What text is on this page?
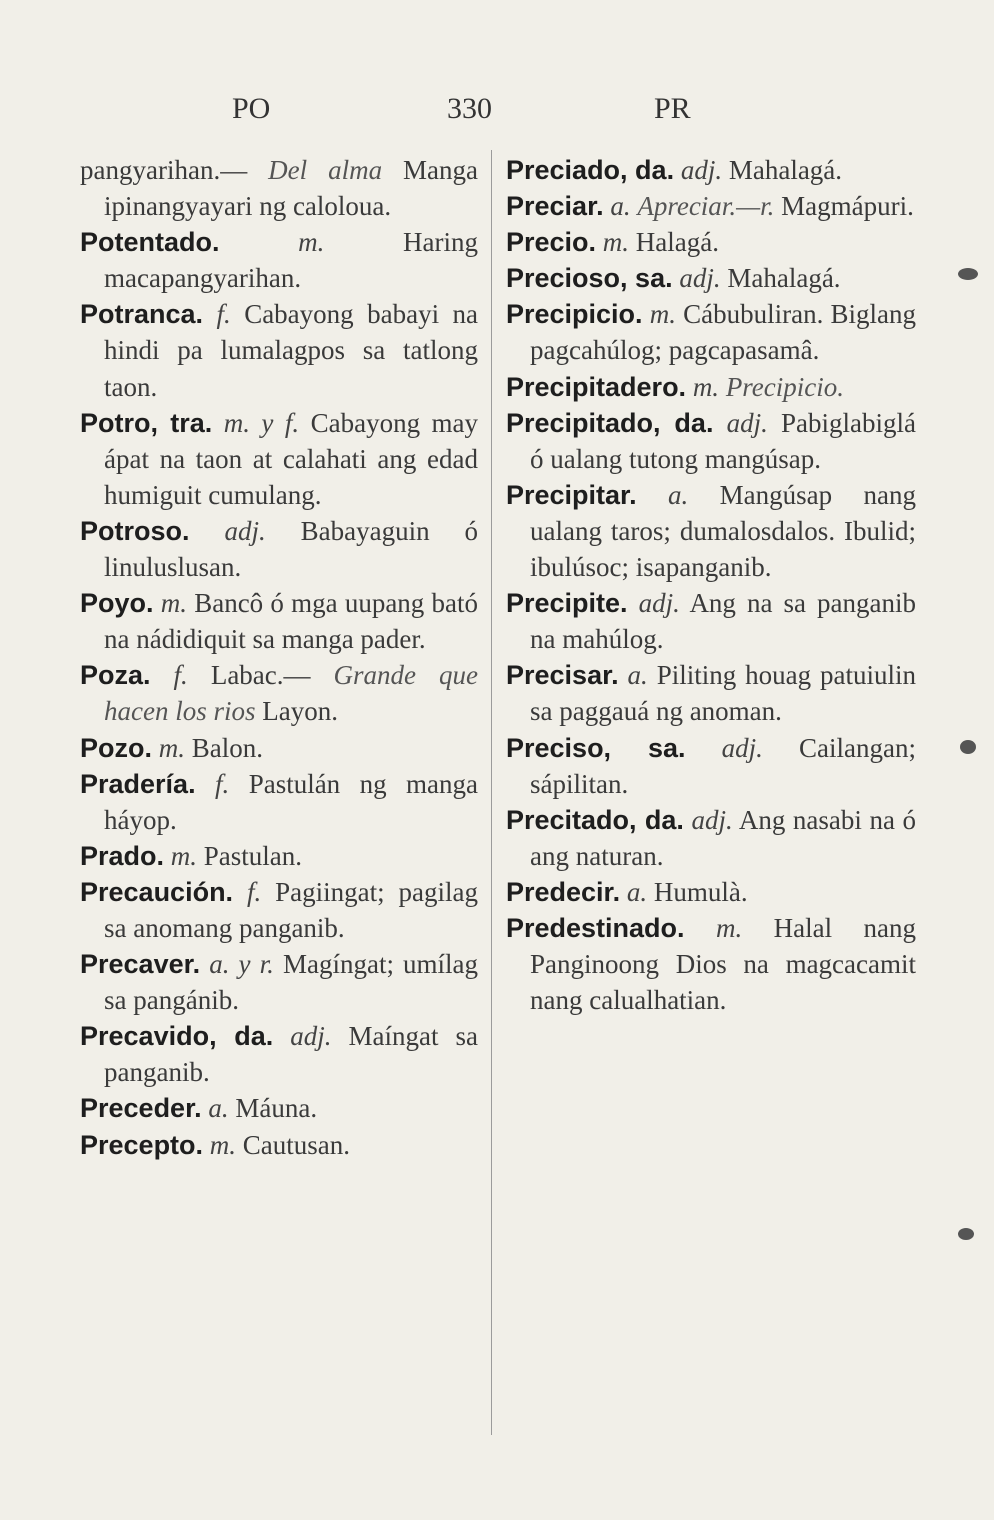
PO	330	PR

pangyarihan.— Del alma Manga ipinangyayari ng caloloua.

Potentado.	m.	Haring macapangyarihan.

Potranca. f. Cabayong babayi na hindi pa lumalagpos sa tatlong taon.

Potro, tra. m. y f. Cabayong may ápat na taon at calahati ang edad humiguit cumulang.

Potroso. adj. Babayaguin ó linuluslusan.

Poyo. m. Bancô ó mga uupang bató na nádidiquit sa manga pader.

Poza. f. Labac.— Grande que hacen los rios Layon.

Pozo. m. Balon.

Pradería. f. Pastulán ng manga háyop.

Prado. m. Pastulan.

Precaución. f. Pagiingat; pagilag sa anomang panganib.

Precaver. a. y r. Magíngat; umílag sa pangánib.

Precavido, da. adj. Maíngat sa panganib.

Preceder. a. Máuna.

Precepto. m. Cautusan.

Preciado, da. adj. Mahalagá.

Preciar. a. Apreciar.—r. Magmápuri.

Precio. m. Halagá.

Precioso, sa. adj. Mahalagá.

Precipicio. m. Cábubuliran. Biglang pagcahúlog; pagcapasamâ.

Precipitadero. m. Precipicio.

Precipitado, da. adj. Pabiglabiglá ó ualang tutong mangúsap.

Precipitar. a. Mangúsap nang ualang taros; dumalosdalos. Ibulid; ibulúsoc; isapanganib.

Precipite. adj. Ang na sa panganib na mahúlog.

Precisar. a. Piliting houag patuiulin sa paggauá ng anoman.

Preciso, sa. adj. Cailangan; sápilitan.

Precitado, da. adj. Ang nasabi na ó ang naturan.

Predecir. a. Humulà.

Predestinado. m. Halal nang Panginoong Dios na magcacamit nang calualhatian.
